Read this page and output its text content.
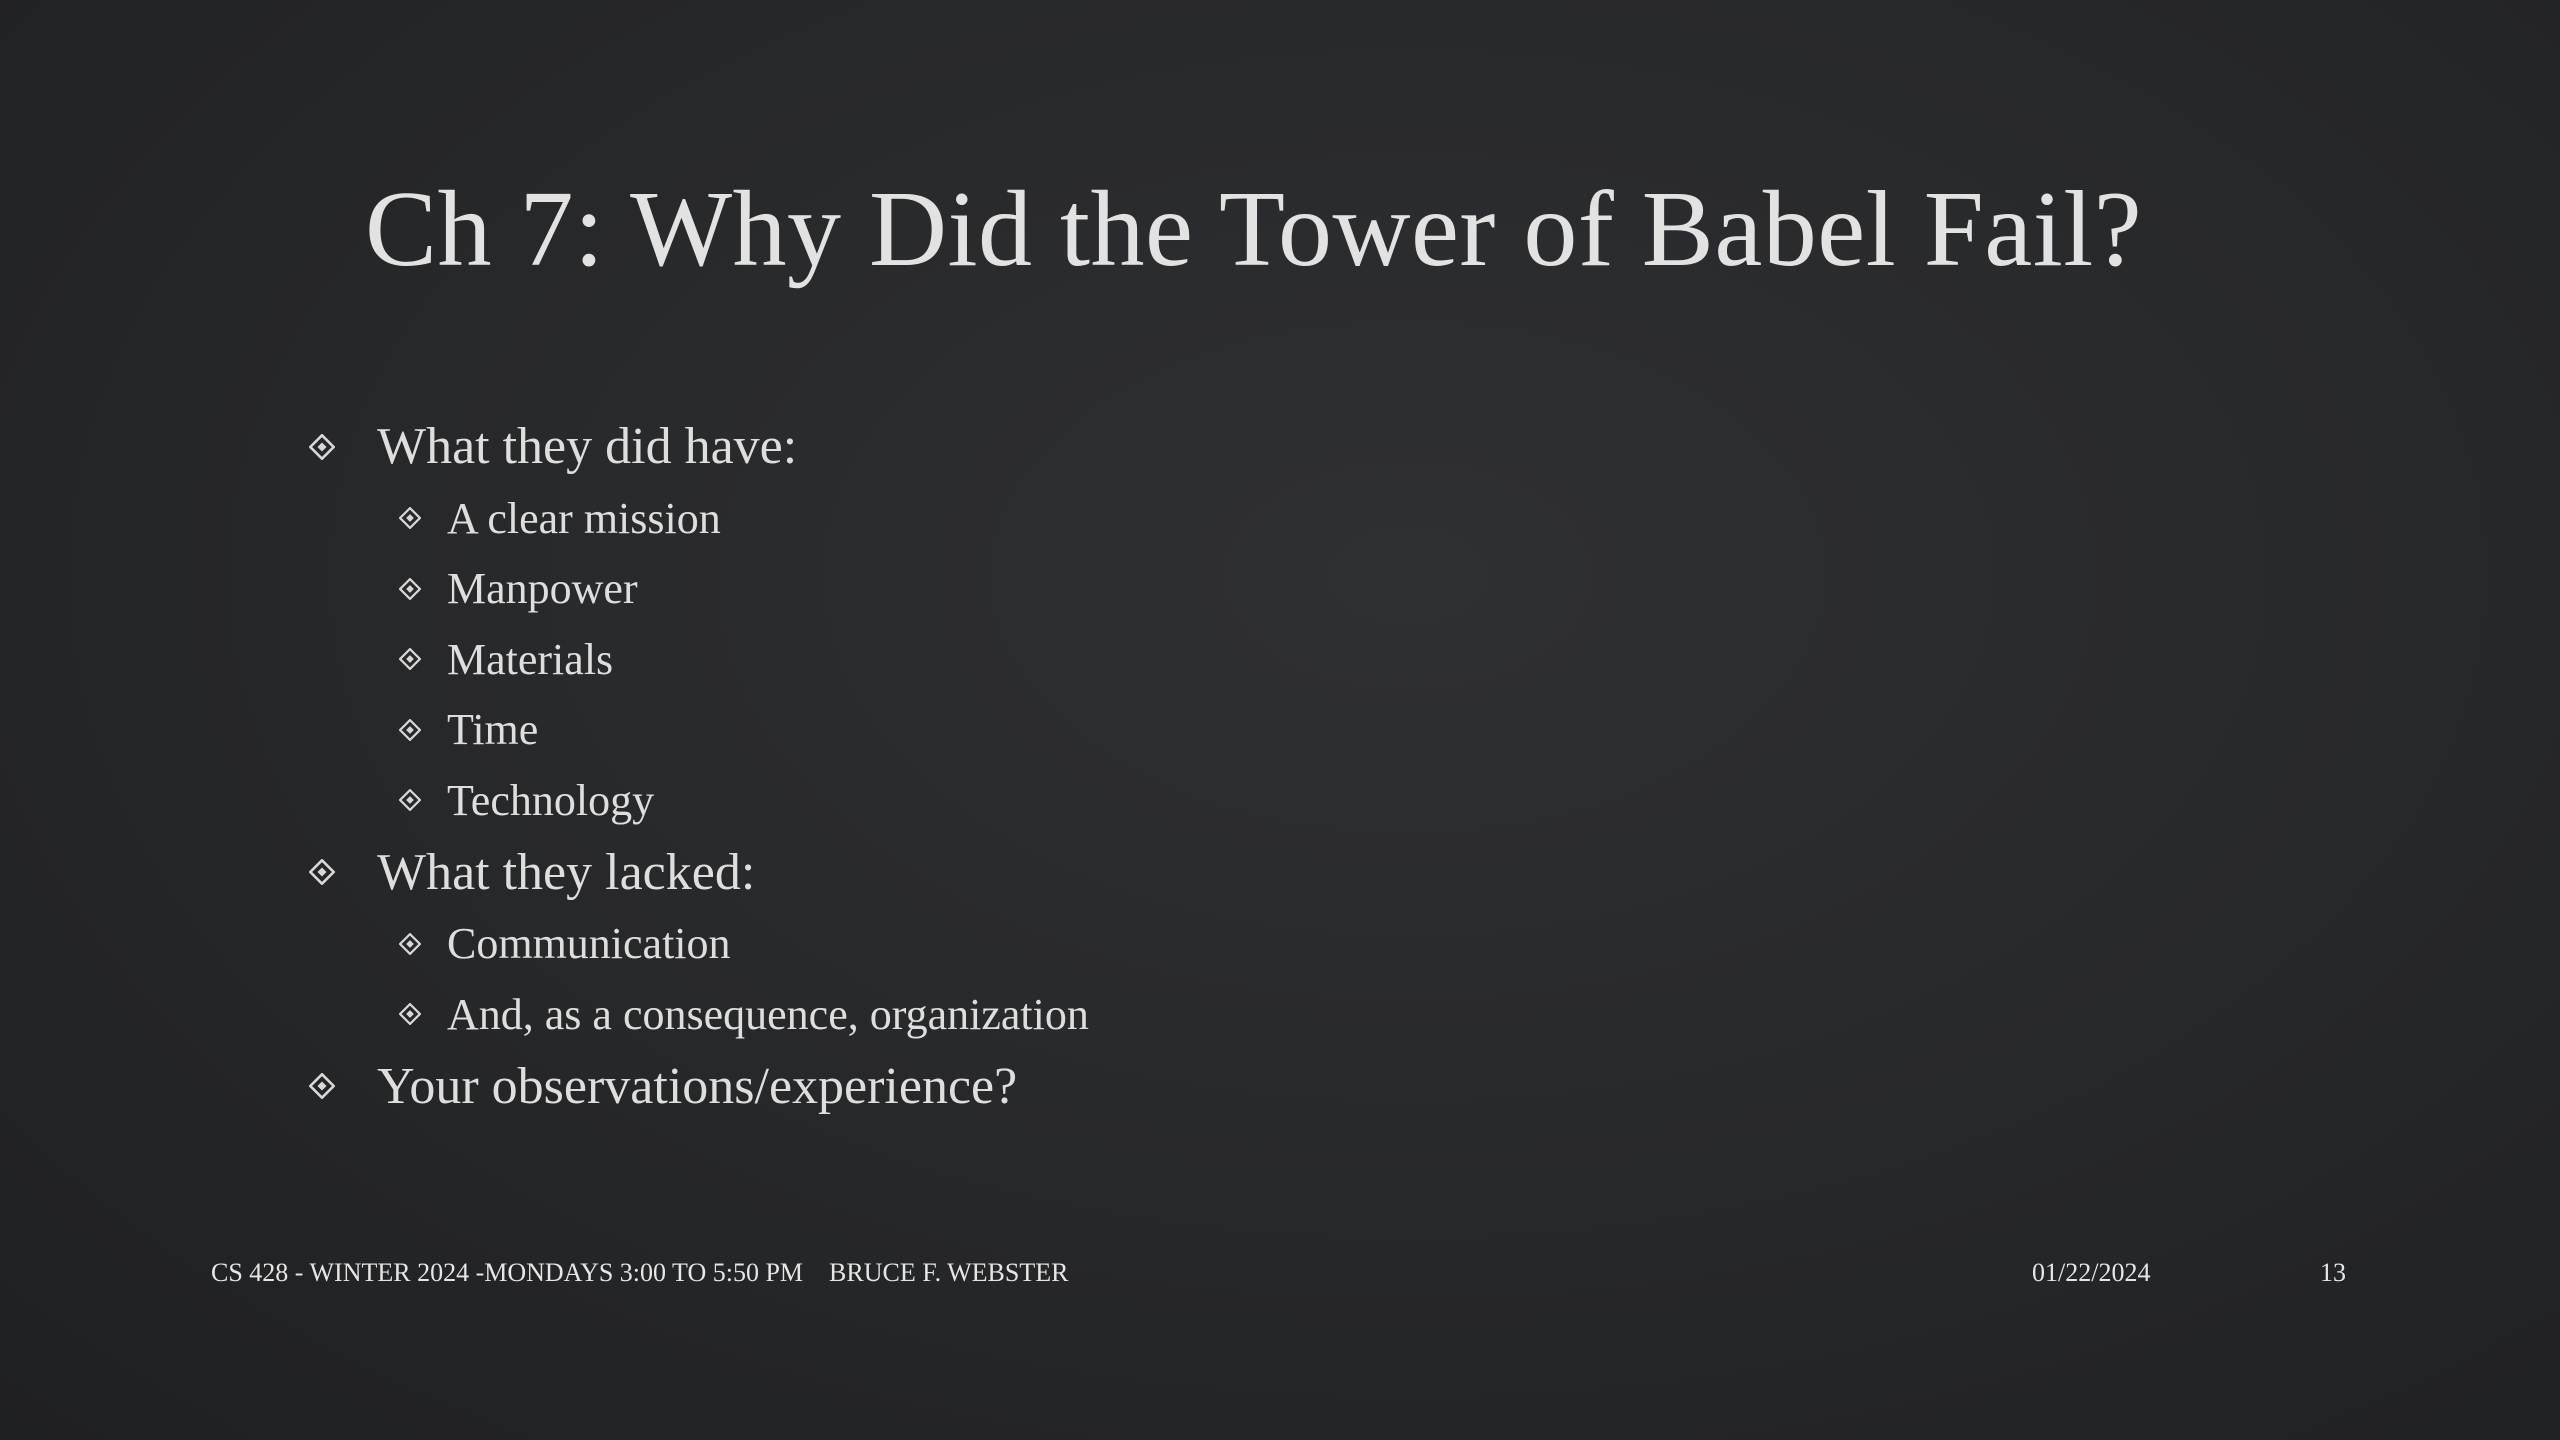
Ch 7: Why Did the Tower of Babel Fail?
What they did have:
A clear mission
Manpower
Materials
Time
Technology
What they lacked:
Communication
And, as a consequence, organization
Your observations/experience?
CS 428 - WINTER 2024 -MONDAYS 3:00 TO 5:50 PM    BRUCE F. WEBSTER	01/22/2024	13
